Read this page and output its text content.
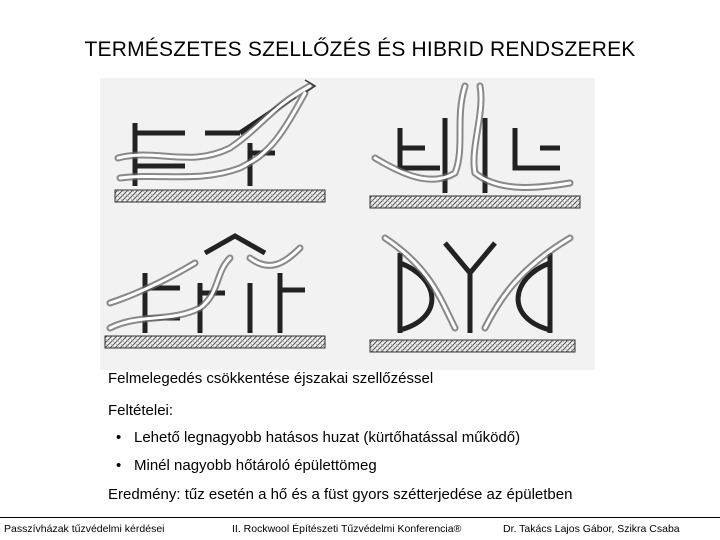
TERMÉSZETES SZELLŐZÉS ÉS HIBRID RENDSZEREK
Felmelegedés csökkentése éjszakai szellőzéssel
Feltételei:
• Lehető legnagyobb hatásos huzat (kürtőhatással működő)
• Minél nagyobb hőtároló épülettömeg
Eredmény: tűz esetén a hő és a füst gyors szétterjedése az épületben
Passzívházak tűzvédelmi kérdései	II. Rockwool Építészeti Tűzvédelmi Konferencia®	Dr. Takács Lajos Gábor, Szikra Csaba
